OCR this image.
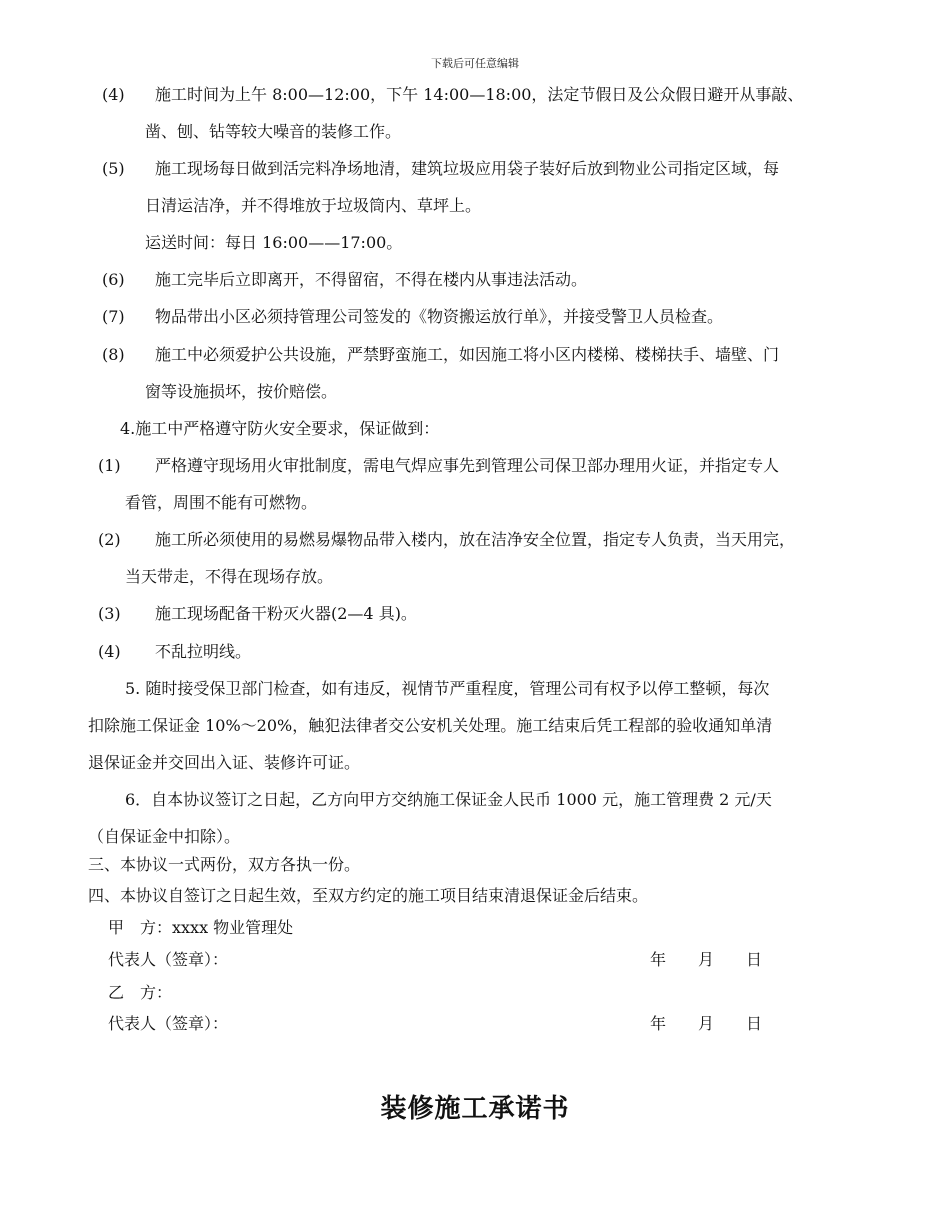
下载后可任意编辑
(4) 施工时间为上午 8:00—12:00，下午 14:00—18:00，法定节假日及公众假日避开从事敲、
凿、刨、钻等较大噪音的装修工作。
(5) 施工现场每日做到活完料净场地清，建筑垃圾应用袋子装好后放到物业公司指定区域，每
日清运洁净，并不得堆放于垃圾筒内、草坪上。
运送时间：每日 16:00——17:00。
(6) 施工完毕后立即离开，不得留宿，不得在楼内从事违法活动。
(7) 物品带出小区必须持管理公司签发的《物资搬运放行单》，并接受警卫人员检查。
(8) 施工中必须爱护公共设施，严禁野蛮施工，如因施工将小区内楼梯、楼梯扶手、墙壁、门
窗等设施损坏，按价赔偿。
4.施工中严格遵守防火安全要求，保证做到：
(1) 严格遵守现场用火审批制度，需电气焊应事先到管理公司保卫部办理用火证，并指定专人
看管，周围不能有可燃物。
(2) 施工所必须使用的易燃易爆物品带入楼内，放在洁净安全位置，指定专人负责，当天用完，
当天带走，不得在现场存放。
(3) 施工现场配备干粉灭火器(2—4 具)。
(4) 不乱拉明线。
5. 随时接受保卫部门检查，如有违反，视情节严重程度，管理公司有权予以停工整顿，每次
扣除施工保证金 10%～20%，触犯法律者交公安机关处理。施工结束后凭工程部的验收通知单清
退保证金并交回出入证、装修许可证。
6．自本协议签订之日起，乙方向甲方交纳施工保证金人民币 1000 元，施工管理费 2 元/天
（自保证金中扣除）。
三、本协议一式两份，双方各执一份。
四、本协议自签订之日起生效，至双方约定的施工项目结束清退保证金后结束。
甲　方：xxxx 物业管理处
代表人（签章）：	年　　月　　日
乙　方：
代表人（签章）：	年　　月　　日
装修施工承诺书
